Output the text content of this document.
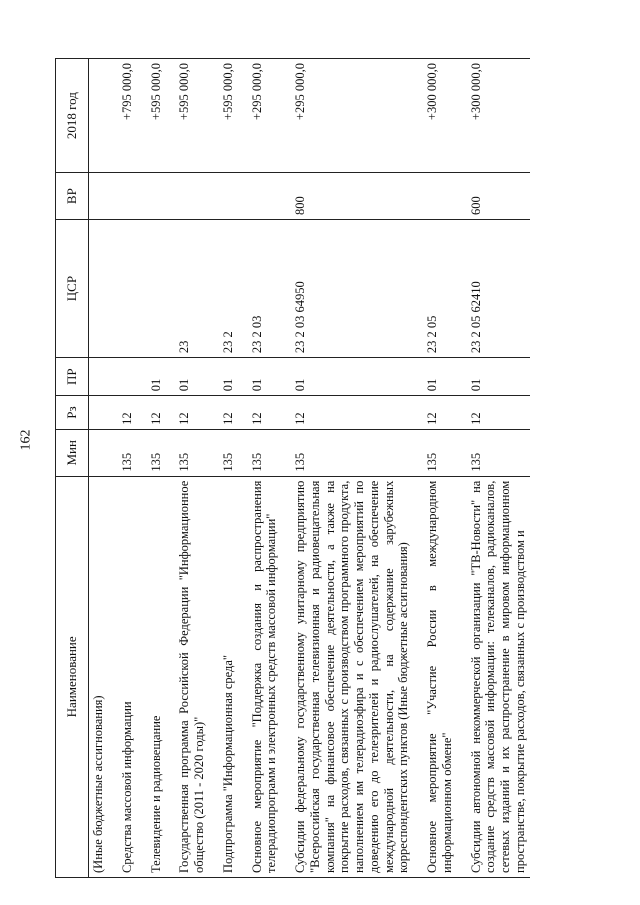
162
Наименование	Мин	Рз	ПР	ЦСР	ВР	2018 год
(Иные бюджетные ассигнования)						

Средства массовой информации	135	12				+795 000,0

Телевидение и радиовещание	135	12	01			+595 000,0

Государственная программа Российской Федерации "Информационное общество (2011 - 2020 годы)"	135	12	01	23		+595 000,0

Подпрограмма "Информационная среда"	135	12	01	23 2		+595 000,0

Основное мероприятие "Поддержка создания и распространения телерадиопрограмм и электронных средств массовой информации"	135	12	01	23 2 03		+295 000,0

Субсидии федеральному государственному унитарному предприятию "Всероссийская государственная телевизионная и радиовещательная компания" на финансовое обеспечение деятельности, а также на покрытие расходов, связанных с производством программного продукта, наполнением им телерадиоэфира и с обеспечением мероприятий по доведению его до телезрителей и радиослушателей, на обеспечение международной деятельности, на содержание зарубежных корреспондентских пунктов (Иные бюджетные ассигнования)	135	12	01	23 2 03 64950	800	+295 000,0

Основное мероприятие "Участие России в международном информационном обмене"	135	12	01	23 2 05		+300 000,0

Субсидии автономной некоммерческой организации "ТВ-Новости" на создание средств массовой информации: телеканалов, радиоканалов, сетевых изданий и их распространение в мировом информационном пространстве, покрытие расходов, связанных с производством и	135	12	01	23 2 05 62410	600	+300 000,0
